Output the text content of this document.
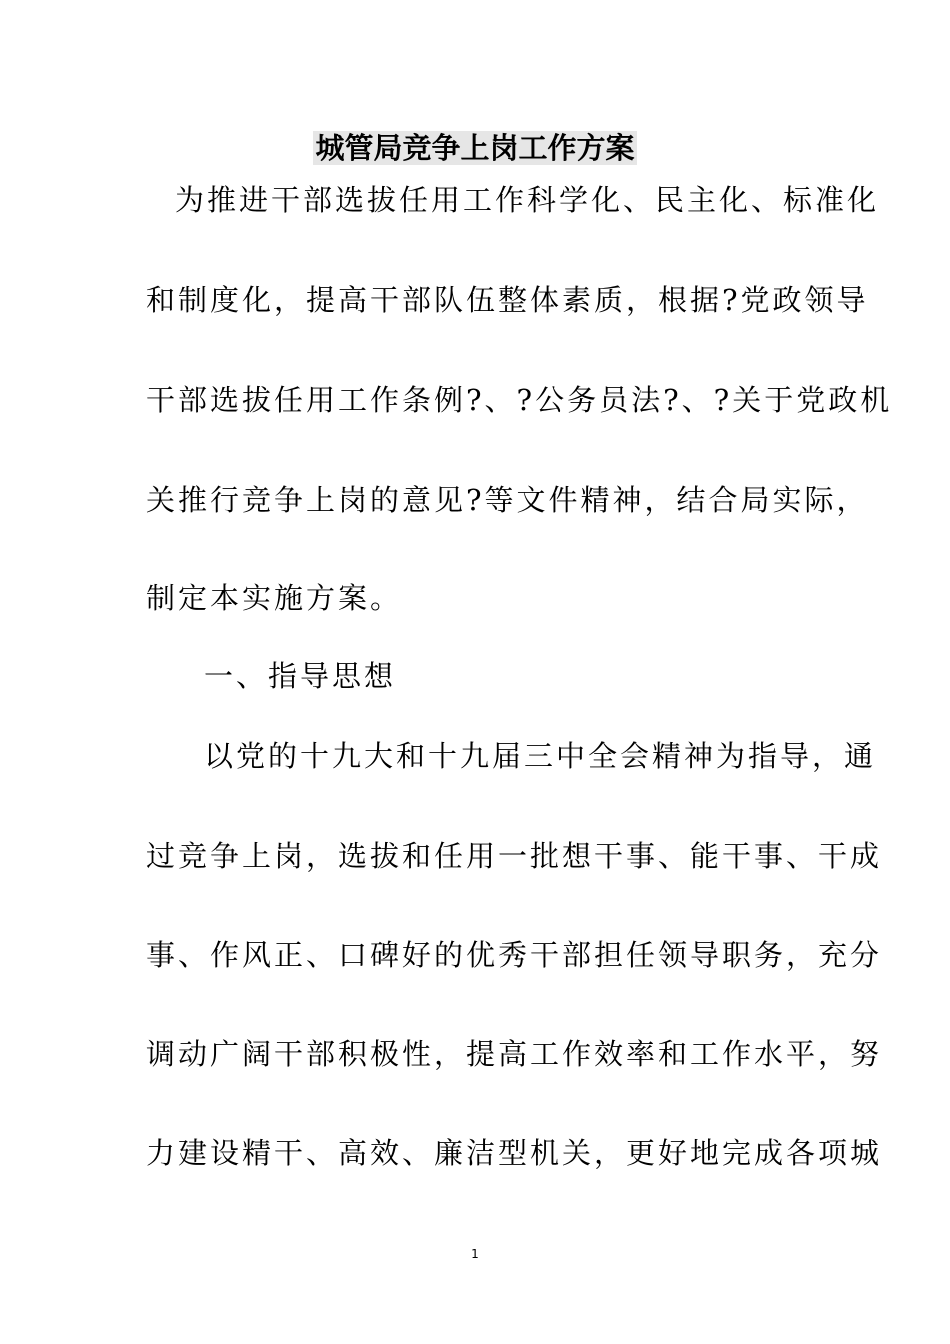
城管局竞争上岗工作方案
为推进干部选拔任用工作科学化、民主化、标准化
和制度化，提高干部队伍整体素质，根据?党政领导
干部选拔任用工作条例?、?公务员法?、?关于党政机
关推行竞争上岗的意见?等文件精神，结合局实际，
制定本实施方案。
一、指导思想
以党的十九大和十九届三中全会精神为指导，通
过竞争上岗，选拔和任用一批想干事、能干事、干成
事、作风正、口碑好的优秀干部担任领导职务，充分
调动广阔干部积极性，提高工作效率和工作水平，努
力建设精干、高效、廉洁型机关，更好地完成各项城
1
